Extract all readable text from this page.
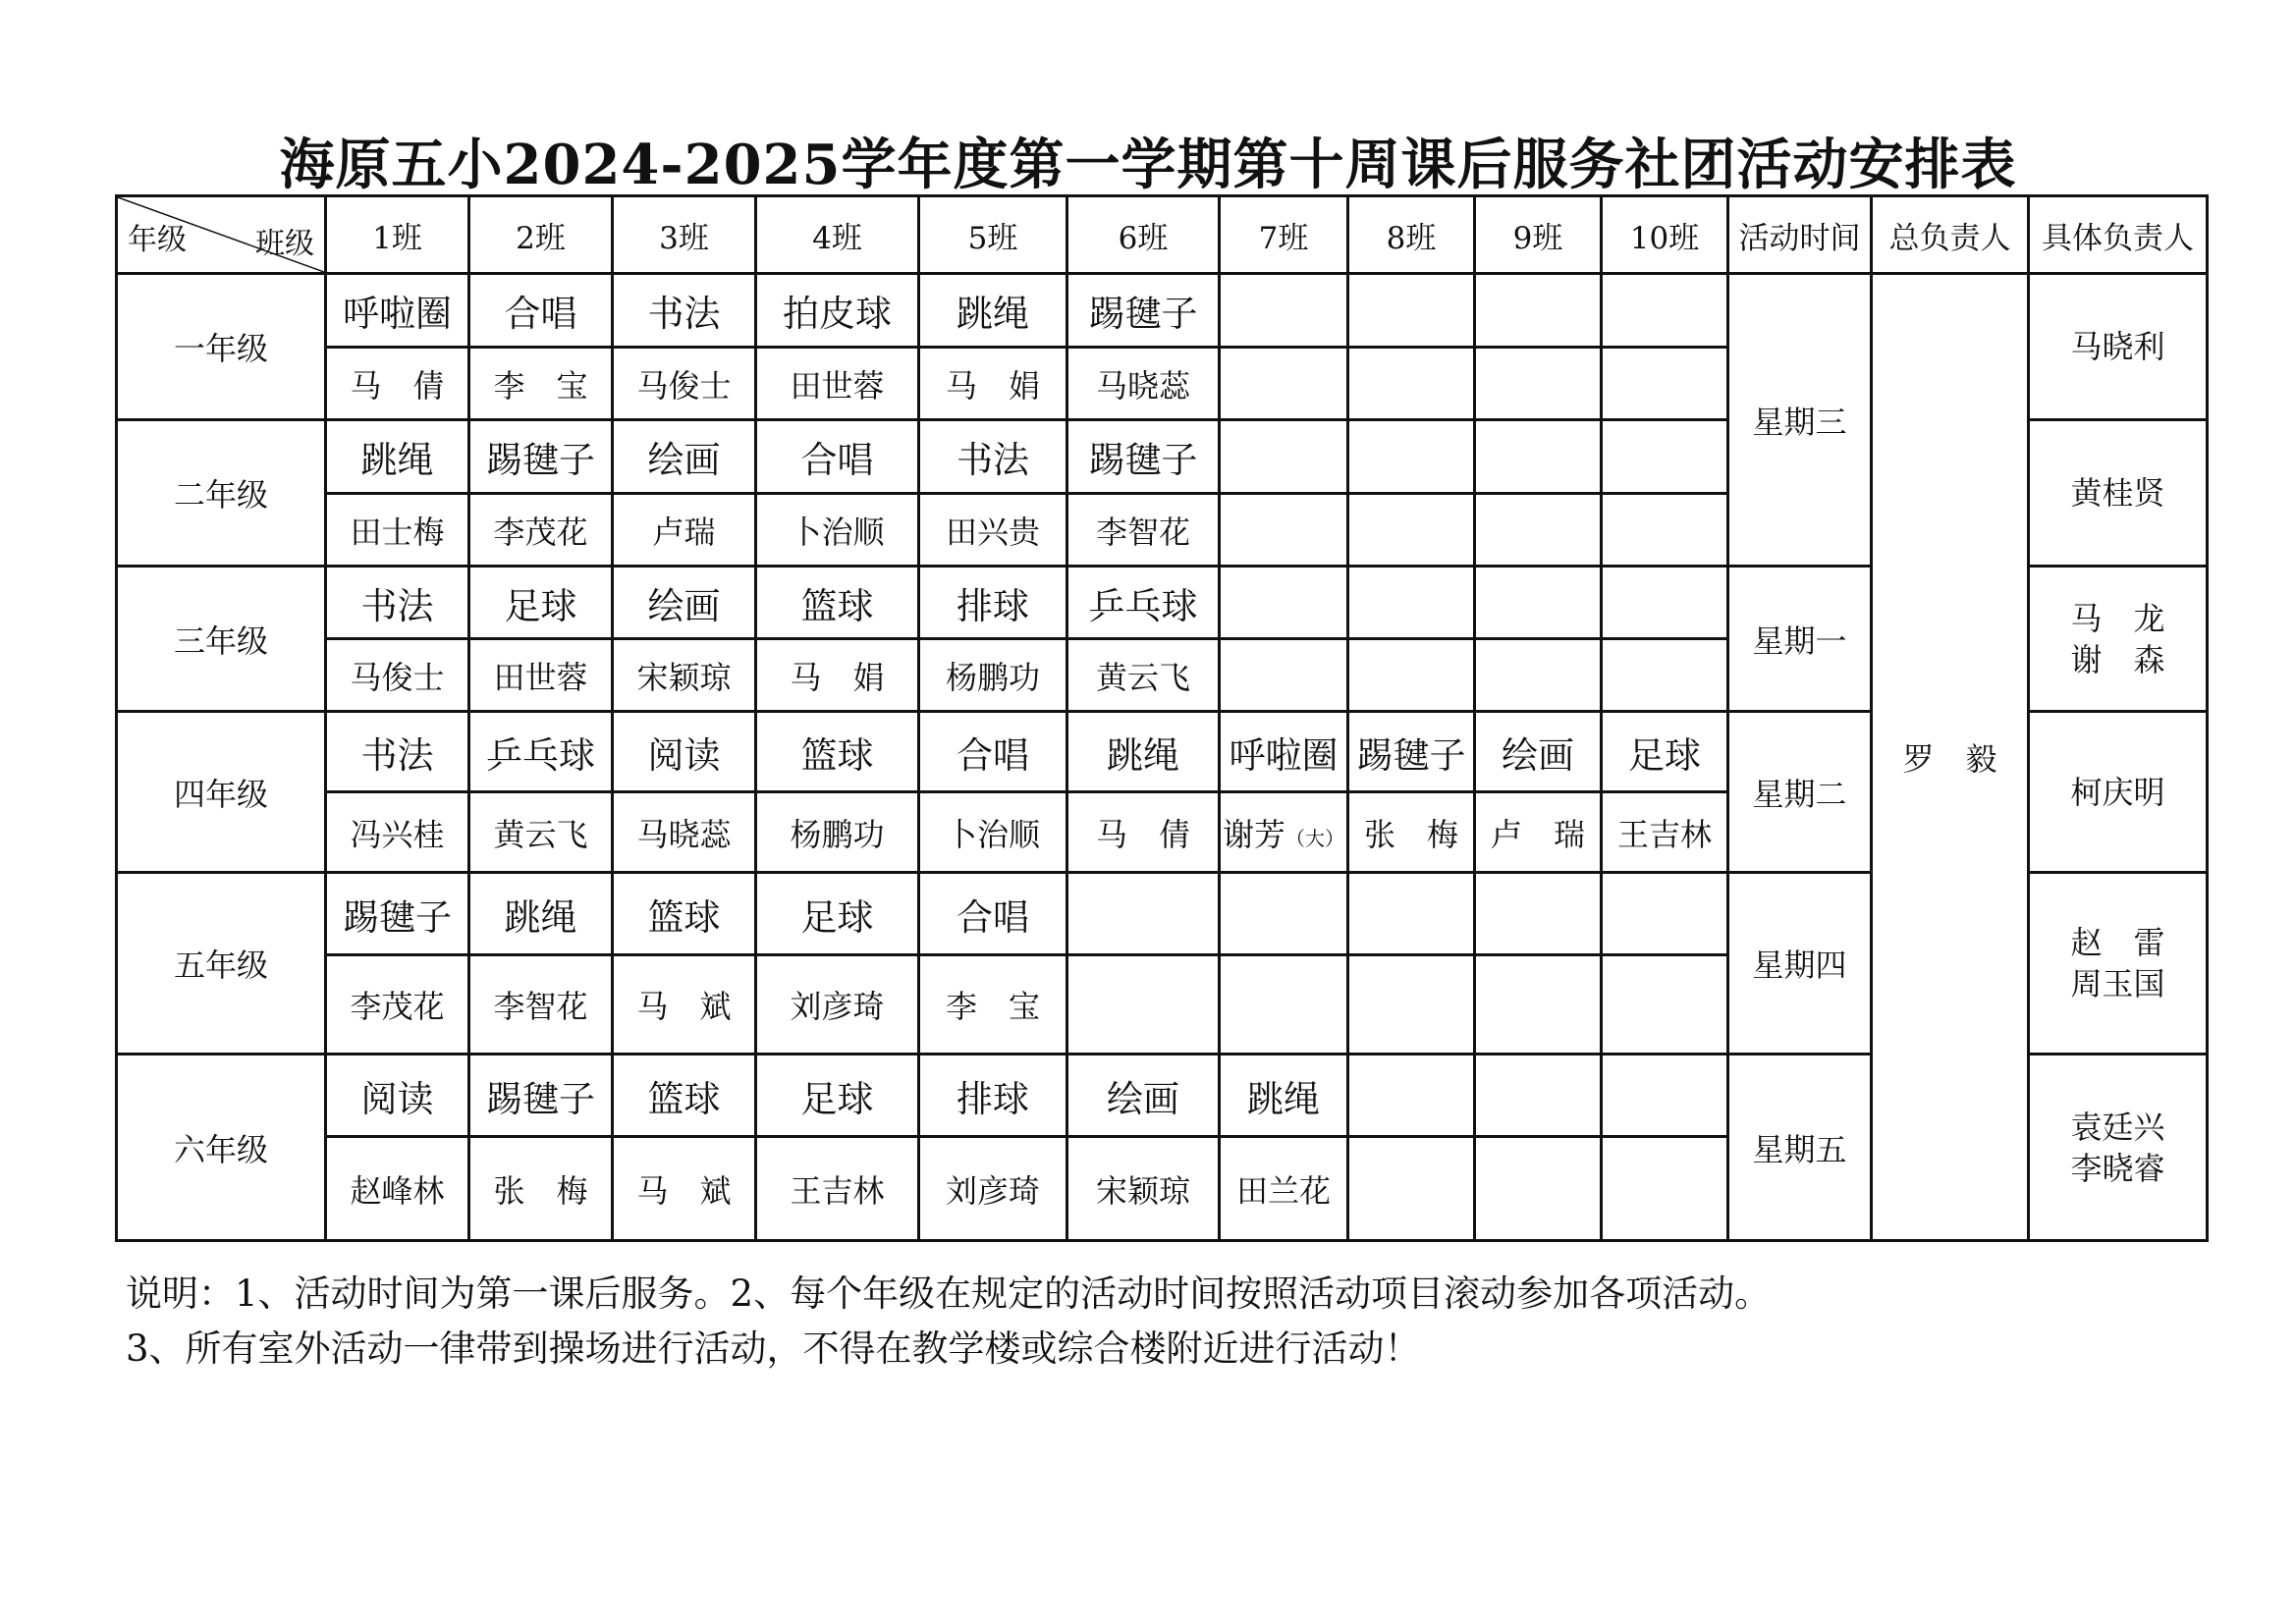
海原五小2024-2025学年度第一学期第十周课后服务社团活动安排表
年级 班级	1班	2班	3班	4班	5班	6班	7班	8班	9班	10班	活动时间	总负责人	具体负责人
一年级	呼啦圈	合唱	书法	拍皮球	跳绳	踢毽子					星期三	罗　毅	马晓利

	马　倩	李　宝	马俊士	田世蓉	马　娟	马晓蕊							
二年级	跳绳	踢毽子	绘画	合唱	书法	踢毽子							黄桂贤

	田士梅	李茂花	卢瑞	卜治顺	田兴贵	李智花							
三年级	书法	足球	绘画	篮球	排球	乒乓球					星期一		马　龙
谢　森

	马俊士	田世蓉	宋颖琼	马　娟	杨鹏功	黄云飞							
四年级	书法	乒乓球	阅读	篮球	合唱	跳绳	呼啦圈	踢毽子	绘画	足球	星期二		柯庆明

	冯兴桂	黄云飞	马晓蕊	杨鹏功	卜治顺	马　倩	谢芳（大）	张　梅	卢　瑞	王吉林			
五年级	踢毽子	跳绳	篮球	足球	合唱						星期四		赵　雷
周玉国

	李茂花	李智花	马　斌	刘彦琦	李　宝								
六年级	阅读	踢毽子	篮球	足球	排球	绘画	跳绳				星期五		袁廷兴
李晓睿

	赵峰林	张　梅	马　斌	王吉林	刘彦琦	宋颖琼	田兰花						
说明：1、活动时间为第一课后服务。2、每个年级在规定的活动时间按照活动项目滚动参加各项活动。
3、所有室外活动一律带到操场进行活动，不得在教学楼或综合楼附近进行活动！
